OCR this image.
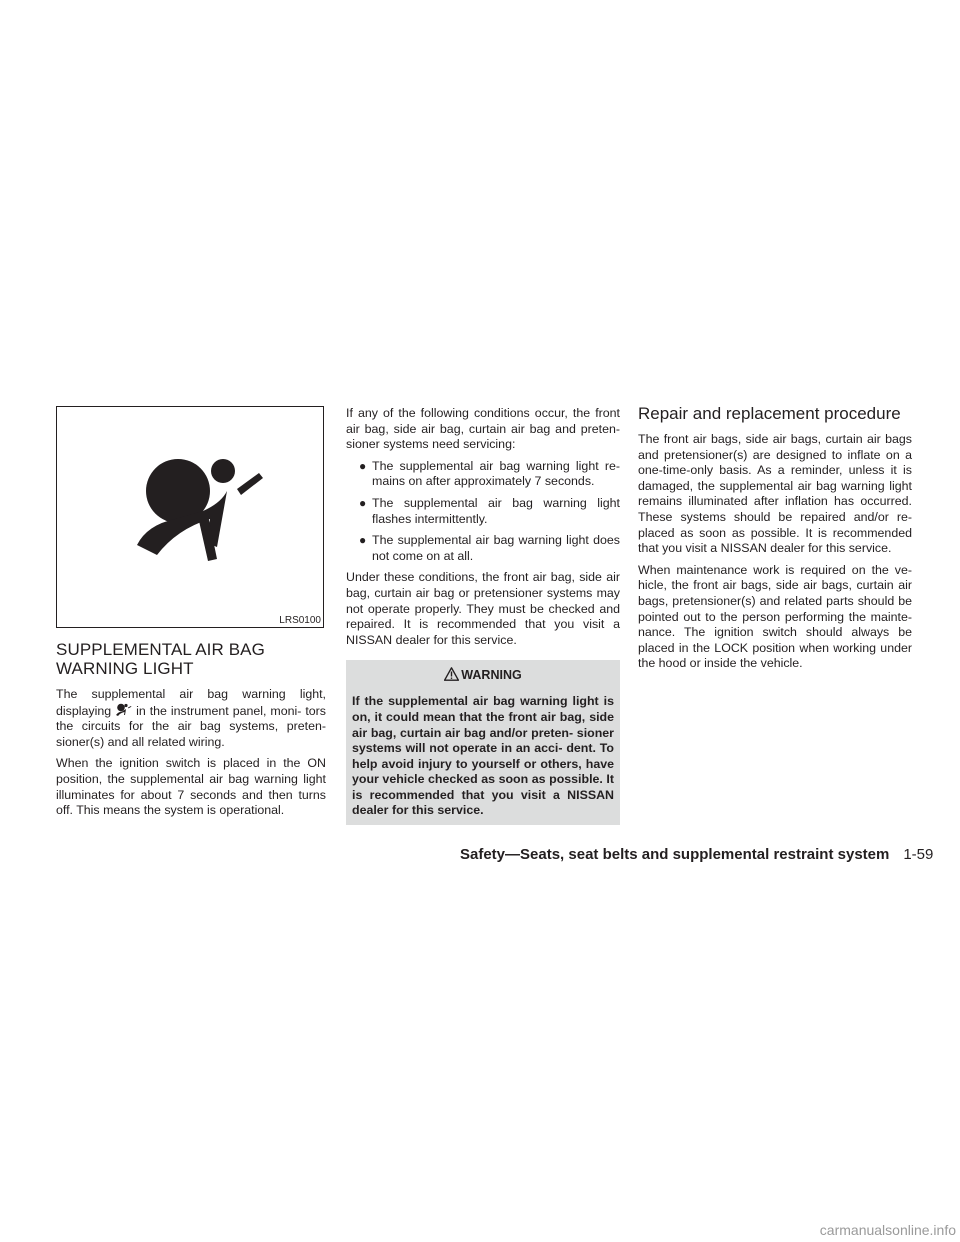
LRS0100
SUPPLEMENTAL AIR BAG
WARNING LIGHT

The supplemental air bag warning light, displaying in the instrument panel, moni- tors the circuits for the air bag systems, preten- sioner(s) and all related wiring.

When the ignition switch is placed in the ON position, the supplemental air bag warning light illuminates for about 7 seconds and then turns off. This means the system is operational.

If any of the following conditions occur, the front air bag, side air bag, curtain air bag and preten- sioner systems need servicing:

● The supplemental air bag warning light re- mains on after approximately 7 seconds.
● The supplemental air bag warning light flashes intermittently.
● The supplemental air bag warning light does not come on at all.

Under these conditions, the front air bag, side air bag, curtain air bag or pretensioner systems may not operate properly. They must be checked and repaired. It is recommended that you visit a NISSAN dealer for this service.

WARNING

If the supplemental air bag warning light is on, it could mean that the front air bag, side air bag, curtain air bag and/or preten- sioner systems will not operate in an acci- dent. To help avoid injury to yourself or others, have your vehicle checked as soon as possible. It is recommended that you visit a NISSAN dealer for this service.

Repair and replacement procedure

The front air bags, side air bags, curtain air bags and pretensioner(s) are designed to inflate on a one-time-only basis. As a reminder, unless it is damaged, the supplemental air bag warning light remains illuminated after inflation has occurred. These systems should be repaired and/or re- placed as soon as possible. It is recommended that you visit a NISSAN dealer for this service.

When maintenance work is required on the ve- hicle, the front air bags, side air bags, curtain air bags, pretensioner(s) and related parts should be pointed out to the person performing the mainte- nance. The ignition switch should always be placed in the LOCK position when working under the hood or inside the vehicle.

Safety—Seats, seat belts and supplemental restraint system 1-59
carmanualsonline.info
